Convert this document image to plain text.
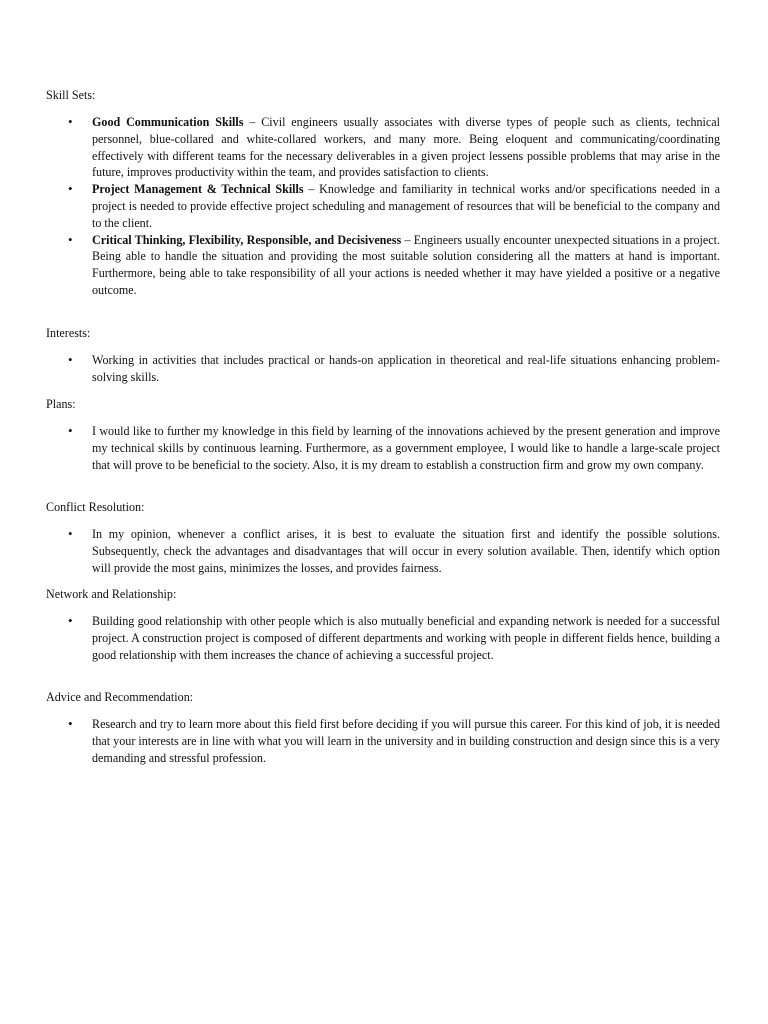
Skill Sets:

• Good Communication Skills – Civil engineers usually associates with diverse types of people such as clients, technical personnel, blue-collared and white-collared workers, and many more. Being eloquent and communicating/coordinating effectively with different teams for the necessary deliverables in a given project lessens possible problems that may arise in the future, improves productivity within the team, and provides satisfaction to clients.
• Project Management & Technical Skills – Knowledge and familiarity in technical works and/or specifications needed in a project is needed to provide effective project scheduling and management of resources that will be beneficial to the company and to the client.
• Critical Thinking, Flexibility, Responsible, and Decisiveness – Engineers usually encounter unexpected situations in a project. Being able to handle the situation and providing the most suitable solution considering all the matters at hand is important. Furthermore, being able to take responsibility of all your actions is needed whether it may have yielded a positive or a negative outcome.

Interests:

• Working in activities that includes practical or hands-on application in theoretical and real-life situations enhancing problem-solving skills.

Plans:

• I would like to further my knowledge in this field by learning of the innovations achieved by the present generation and improve my technical skills by continuous learning. Furthermore, as a government employee, I would like to handle a large-scale project that will prove to be beneficial to the society. Also, it is my dream to establish a construction firm and grow my own company.

Conflict Resolution:

• In my opinion, whenever a conflict arises, it is best to evaluate the situation first and identify the possible solutions. Subsequently, check the advantages and disadvantages that will occur in every solution available. Then, identify which option will provide the most gains, minimizes the losses, and provides fairness.

Network and Relationship:

• Building good relationship with other people which is also mutually beneficial and expanding network is needed for a successful project. A construction project is composed of different departments and working with people in different fields hence, building a good relationship with them increases the chance of achieving a successful project.

Advice and Recommendation:

• Research and try to learn more about this field first before deciding if you will pursue this career. For this kind of job, it is needed that your interests are in line with what you will learn in the university and in building construction and design since this is a very demanding and stressful profession.
